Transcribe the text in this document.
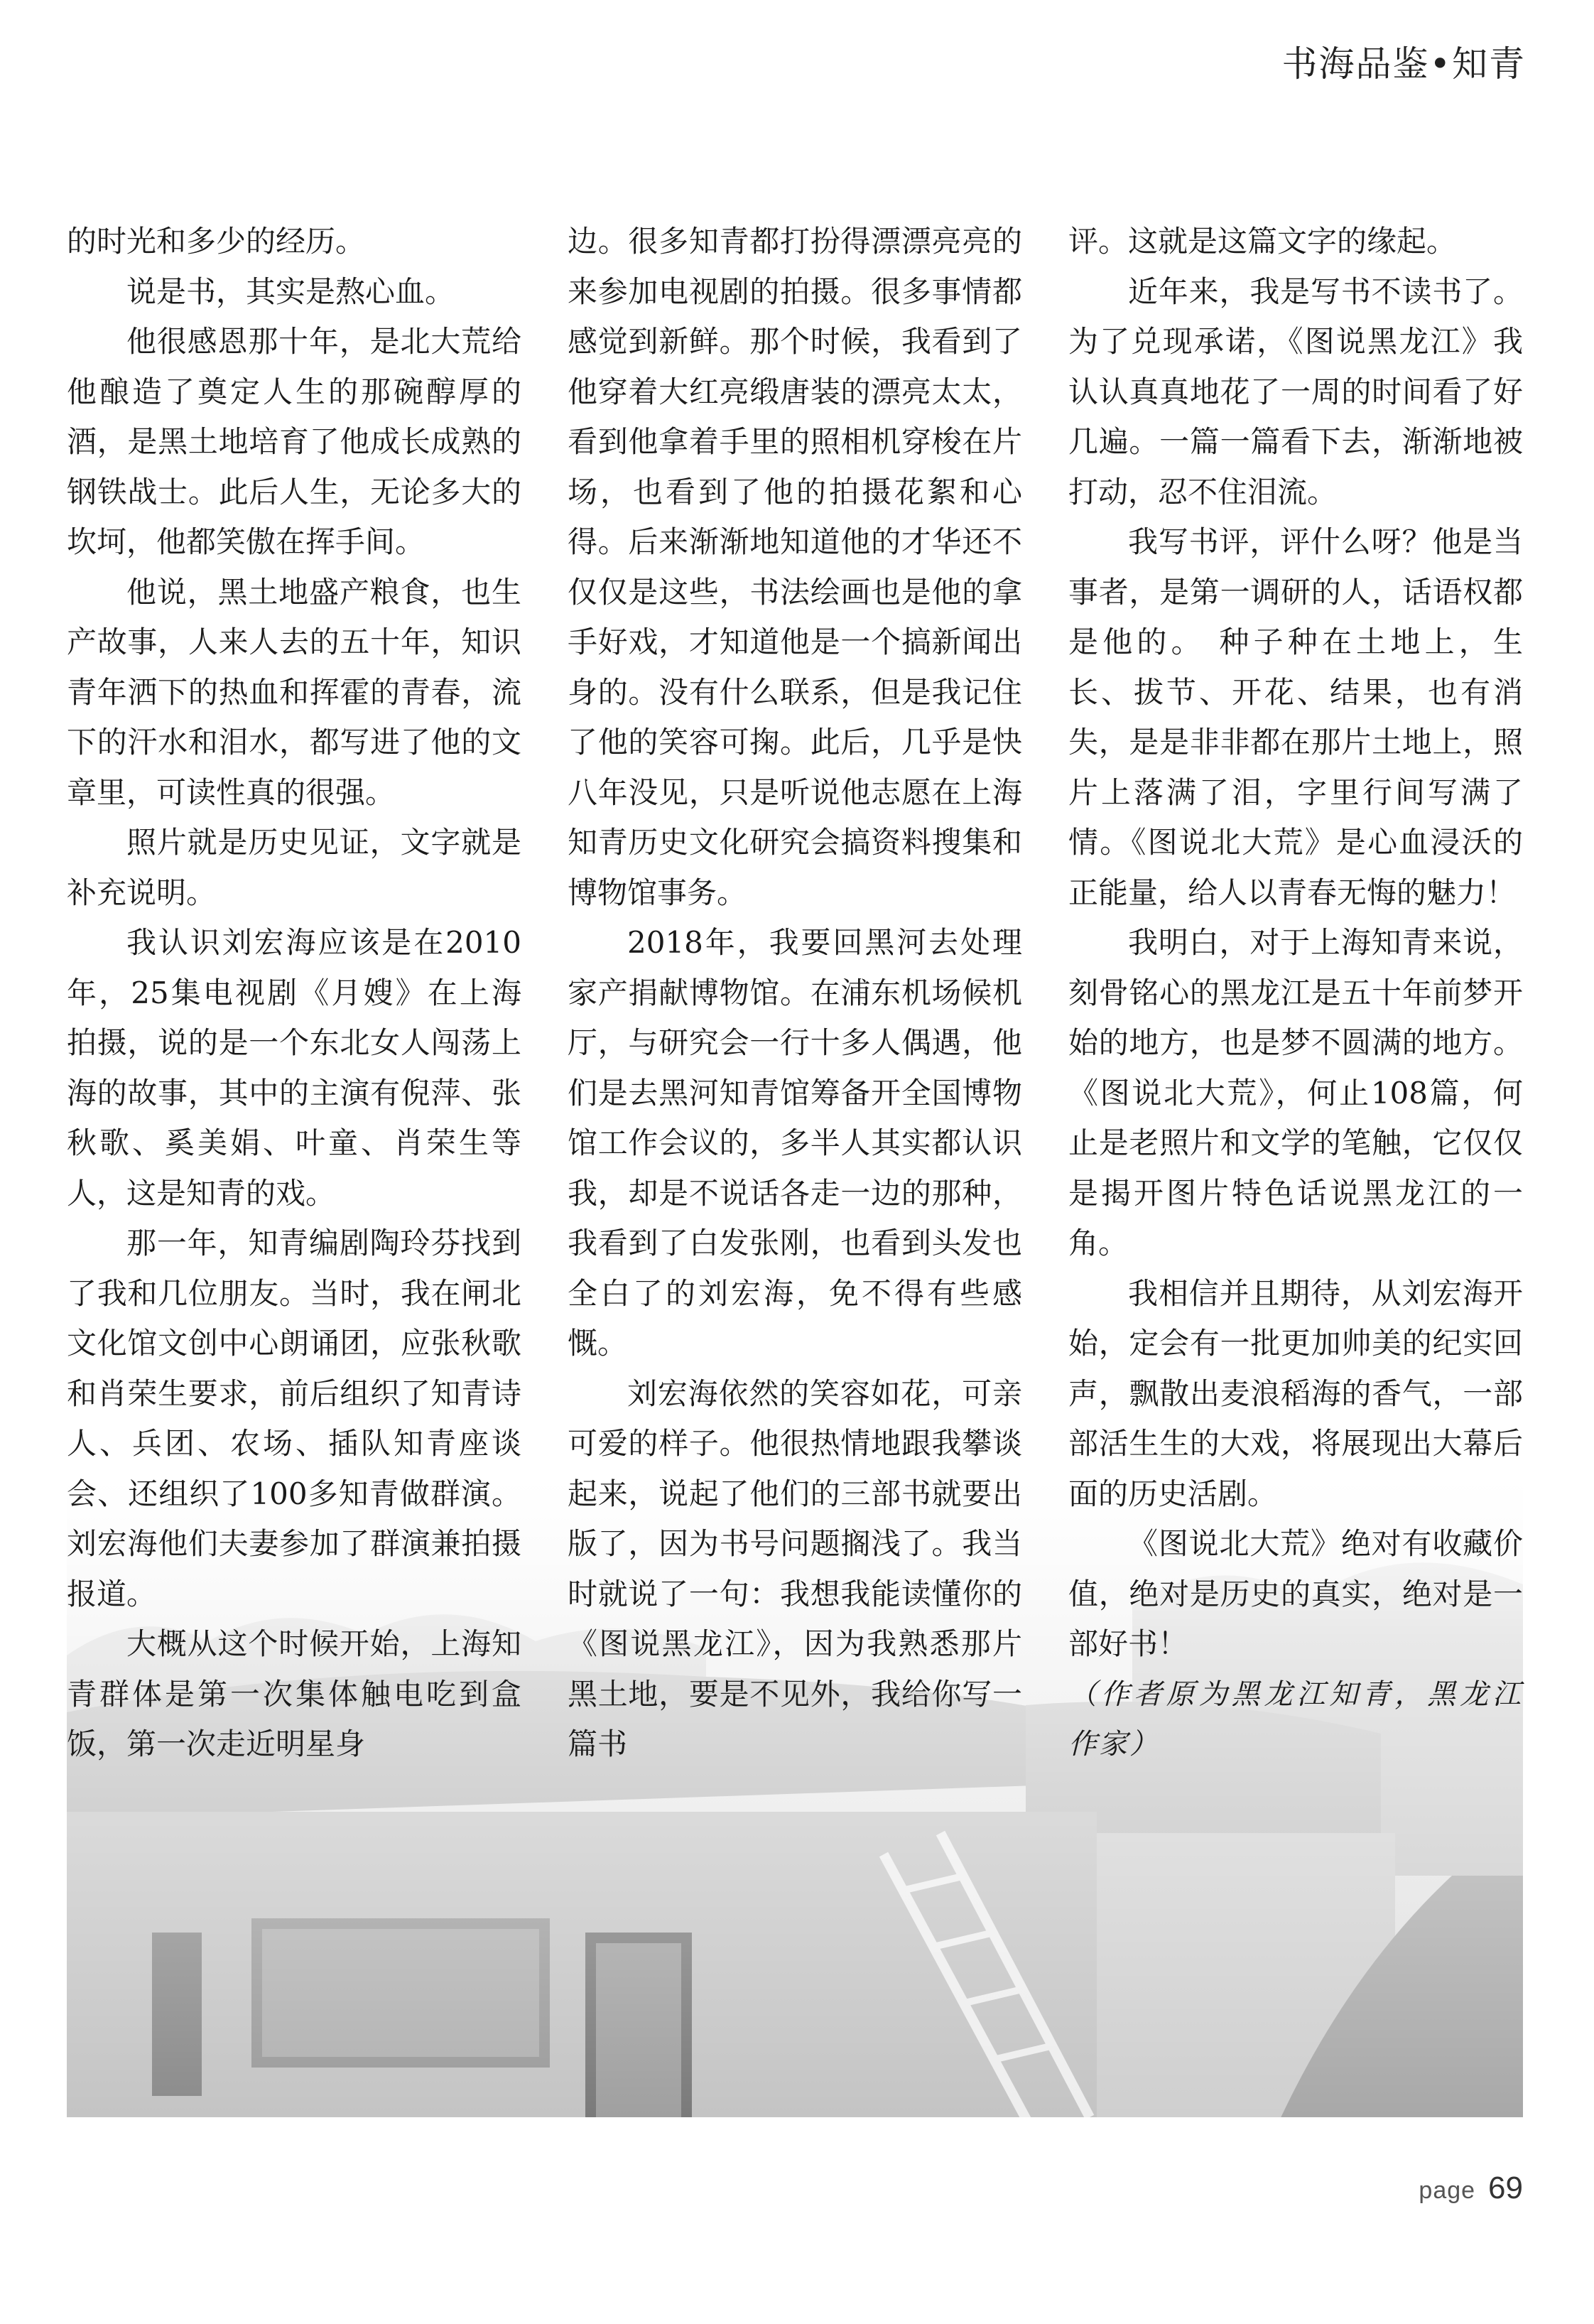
书海品鉴•知青

的时光和多少的经历。

说是书，其实是熬心血。

他很感恩那十年，是北大荒给他酿造了奠定人生的那碗醇厚的酒，是黑土地培育了他成长成熟的钢铁战士。此后人生，无论多大的坎坷，他都笑傲在挥手间。

他说，黑土地盛产粮食，也生产故事，人来人去的五十年，知识青年洒下的热血和挥霍的青春，流下的汗水和泪水，都写进了他的文章里，可读性真的很强。

照片就是历史见证，文字就是补充说明。

我认识刘宏海应该是在2010年，25集电视剧《月嫂》在上海拍摄，说的是一个东北女人闯荡上海的故事，其中的主演有倪萍、张秋歌、奚美娟、叶童、肖荣生等人，这是知青的戏。

那一年，知青编剧陶玲芬找到了我和几位朋友。当时，我在闸北文化馆文创中心朗诵团，应张秋歌和肖荣生要求，前后组织了知青诗人、兵团、农场、插队知青座谈会、还组织了100多知青做群演。刘宏海他们夫妻参加了群演兼拍摄报道。

大概从这个时候开始，上海知青群体是第一次集体触电吃到盒饭，第一次走近明星身

边。很多知青都打扮得漂漂亮亮的来参加电视剧的拍摄。很多事情都感觉到新鲜。那个时候，我看到了他穿着大红亮缎唐装的漂亮太太，看到他拿着手里的照相机穿梭在片场，也看到了他的拍摄花絮和心得。后来渐渐地知道他的才华还不仅仅是这些，书法绘画也是他的拿手好戏，才知道他是一个搞新闻出身的。没有什么联系，但是我记住了他的笑容可掬。此后，几乎是快八年没见，只是听说他志愿在上海知青历史文化研究会搞资料搜集和博物馆事务。

2018年，我要回黑河去处理家产捐献博物馆。在浦东机场候机厅，与研究会一行十多人偶遇，他们是去黑河知青馆筹备开全国博物馆工作会议的，多半人其实都认识我，却是不说话各走一边的那种，我看到了白发张刚，也看到头发也全白了的刘宏海，免不得有些感慨。

刘宏海依然的笑容如花，可亲可爱的样子。他很热情地跟我攀谈起来，说起了他们的三部书就要出版了，因为书号问题搁浅了。我当时就说了一句：我想我能读懂你的《图说黑龙江》，因为我熟悉那片黑土地，要是不见外，我给你写一篇书

评。这就是这篇文字的缘起。

近年来，我是写书不读书了。为了兑现承诺，《图说黑龙江》我认认真真地花了一周的时间看了好几遍。一篇一篇看下去，渐渐地被打动，忍不住泪流。

我写书评，评什么呀？他是当事者，是第一调研的人，话语权都是他的。 种子种在土地上，生长、拔节、开花、结果，也有消失，是是非非都在那片土地上，照片上落满了泪，字里行间写满了情。《图说北大荒》是心血浸沃的正能量，给人以青春无悔的魅力！

我明白，对于上海知青来说，刻骨铭心的黑龙江是五十年前梦开始的地方，也是梦不圆满的地方。《图说北大荒》，何止108篇，何止是老照片和文学的笔触，它仅仅是揭开图片特色话说黑龙江的一角。

我相信并且期待，从刘宏海开始，定会有一批更加帅美的纪实回声，飘散出麦浪稻海的香气，一部部活生生的大戏，将展现出大幕后面的历史活剧。

《图说北大荒》绝对有收藏价值，绝对是历史的真实，绝对是一部好书！

（作者原为黑龙江知青，黑龙江作家）

page 69
